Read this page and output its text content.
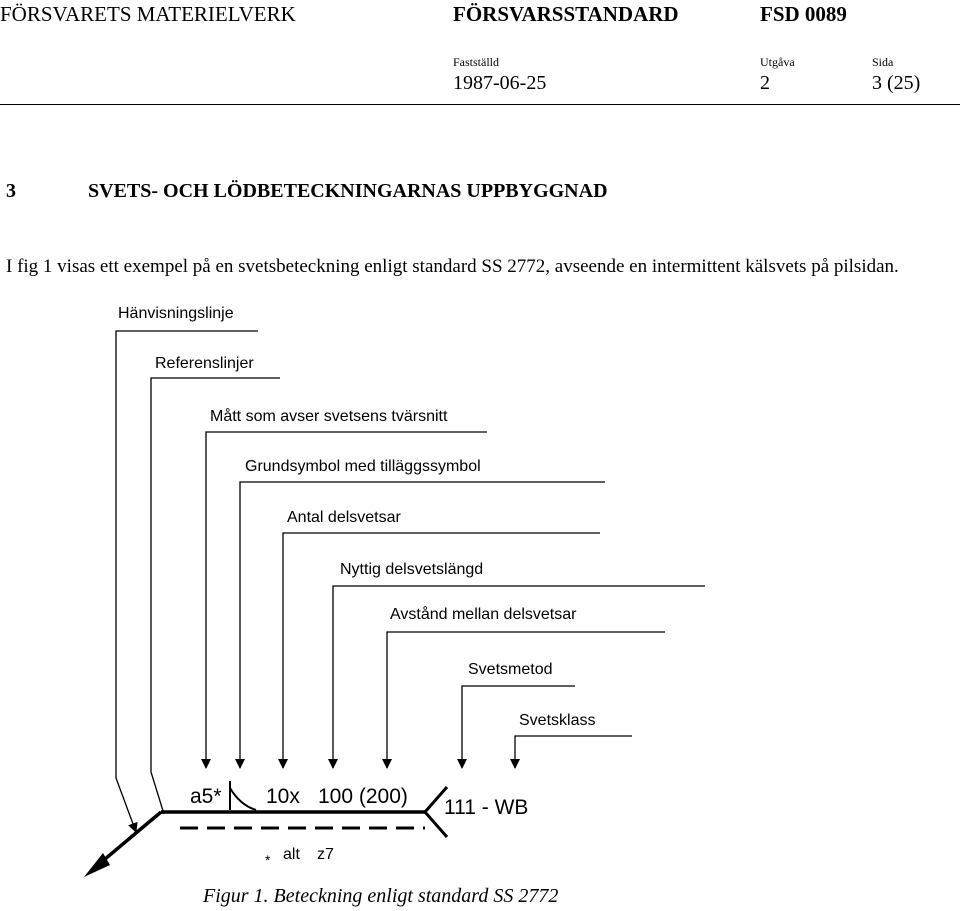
FÖRSVARETS MATERIELVERK	FÖRSVARSSTANDARD	FSD 0089
Fastställd	Utgåva	Sida
1987-06-25	2	3 (25)
3	SVETS- OCH LÖDBETECKNINGARNAS UPPBYGGNAD
I fig 1 visas ett exempel på en svetsbeteckning enligt standard SS 2772, avseende en intermittent kälsvets på pilsidan.
Hänvisningslinje
Referenslinjer
Mått som avser svetsens tvärsnitt
Grundsymbol med tilläggssymbol
Antal delsvetsar
Nyttig delsvetslängd
Avstånd mellan delsvetsar
Svetsmetod
Svetsklass
a5* 10x 100 (200) 111 - WB
* alt z7
Figur 1. Beteckning enligt standard SS 2772
